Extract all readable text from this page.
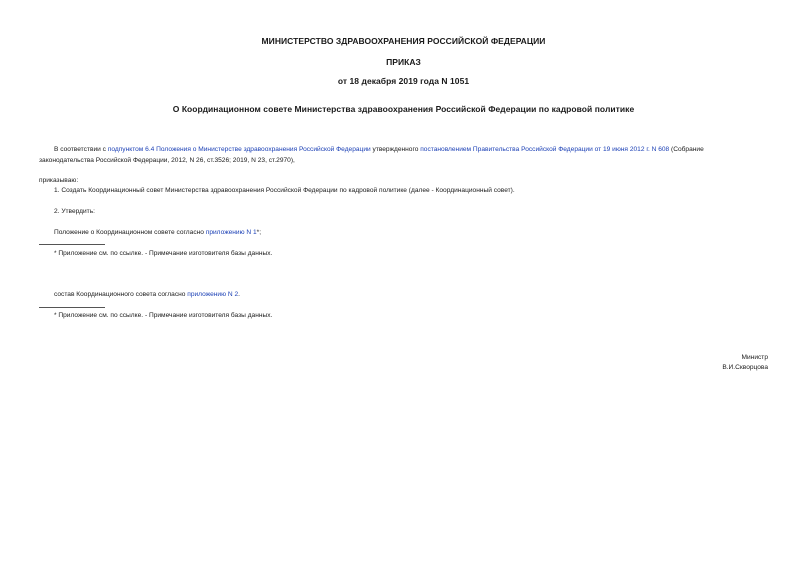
МИНИСТЕРСТВО ЗДРАВООХРАНЕНИЯ РОССИЙСКОЙ ФЕДЕРАЦИИ
ПРИКАЗ
от 18 декабря 2019 года N 1051
О Координационном совете Министерства здравоохранения Российской Федерации по кадровой политике
В соответствии с подпунктом 6.4 Положения о Министерстве здравоохранения Российской Федерации утвержденного постановлением Правительства Российской Федерации от 19 июня 2012 г. N 608 (Собрание
законодательства Российской Федерации, 2012, N 26, ст.3526; 2019, N 23, ст.2970),
приказываю:
1. Создать Координационный совет Министерства здравоохранения Российской Федерации по кадровой политике (далее - Координационный совет).
2. Утвердить:
Положение о Координационном совете согласно приложению N 1*;
* Приложение см. по ссылке. - Примечание изготовителя базы данных.
состав Координационного совета согласно приложению N 2.
* Приложение см. по ссылке. - Примечание изготовителя базы данных.
Министр
В.И.Скворцова
